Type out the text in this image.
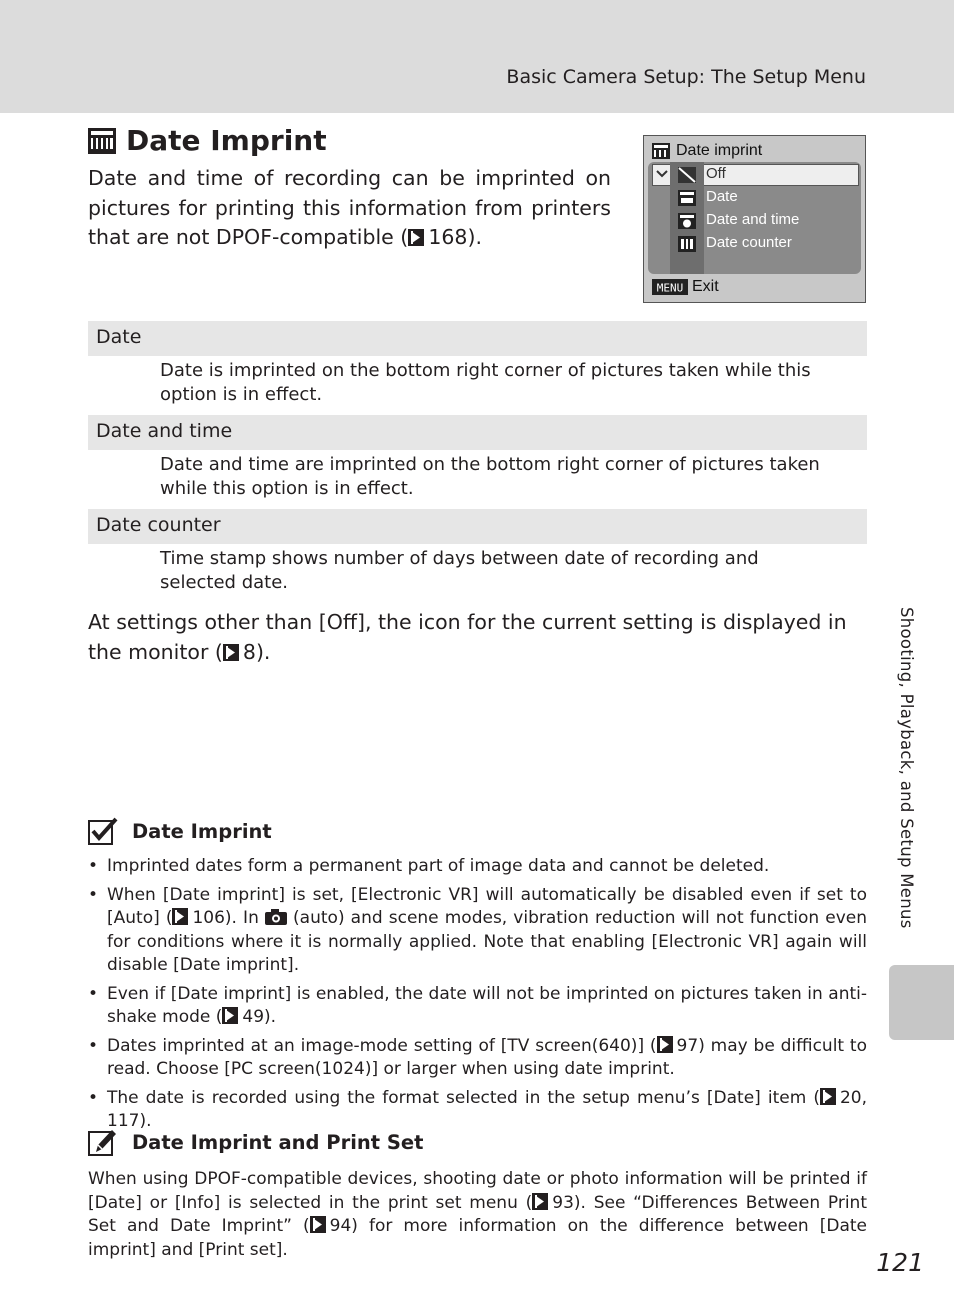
Basic Camera Setup: The Setup Menu
Date Imprint
Date and time of recording can be imprinted on pictures for printing this information from printers that are not DPOF-compatible ( 168).
Date imprint
Off
Date
Date and time
Date counter
MENU Exit
Date
Date is imprinted on the bottom right corner of pictures taken while this option is in effect.
Date and time
Date and time are imprinted on the bottom right corner of pictures taken while this option is in effect.
Date counter
Time stamp shows number of days between date of recording and selected date.
At settings other than [Off], the icon for the current setting is displayed in the monitor ( 8).
Date Imprint
• Imprinted dates form a permanent part of image data and cannot be deleted.
• When [Date imprint] is set, [Electronic VR] will automatically be disabled even if set to [Auto] ( 106). In  (auto) and scene modes, vibration reduction will not function even for conditions where it is normally applied. Note that enabling [Electronic VR] again will disable [Date imprint].
• Even if [Date imprint] is enabled, the date will not be imprinted on pictures taken in anti-shake mode ( 49).
• Dates imprinted at an image-mode setting of [TV screen(640)] ( 97) may be difficult to read. Choose [PC screen(1024)] or larger when using date imprint.
• The date is recorded using the format selected in the setup menu’s [Date] item ( 20, 117).
Date Imprint and Print Set
When using DPOF-compatible devices, shooting date or photo information will be printed if [Date] or [Info] is selected in the print set menu ( 93). See “Differences Between Print Set and Date Imprint” ( 94) for more information on the difference between [Date imprint] and [Print set].
Shooting, Playback, and Setup Menus
121
